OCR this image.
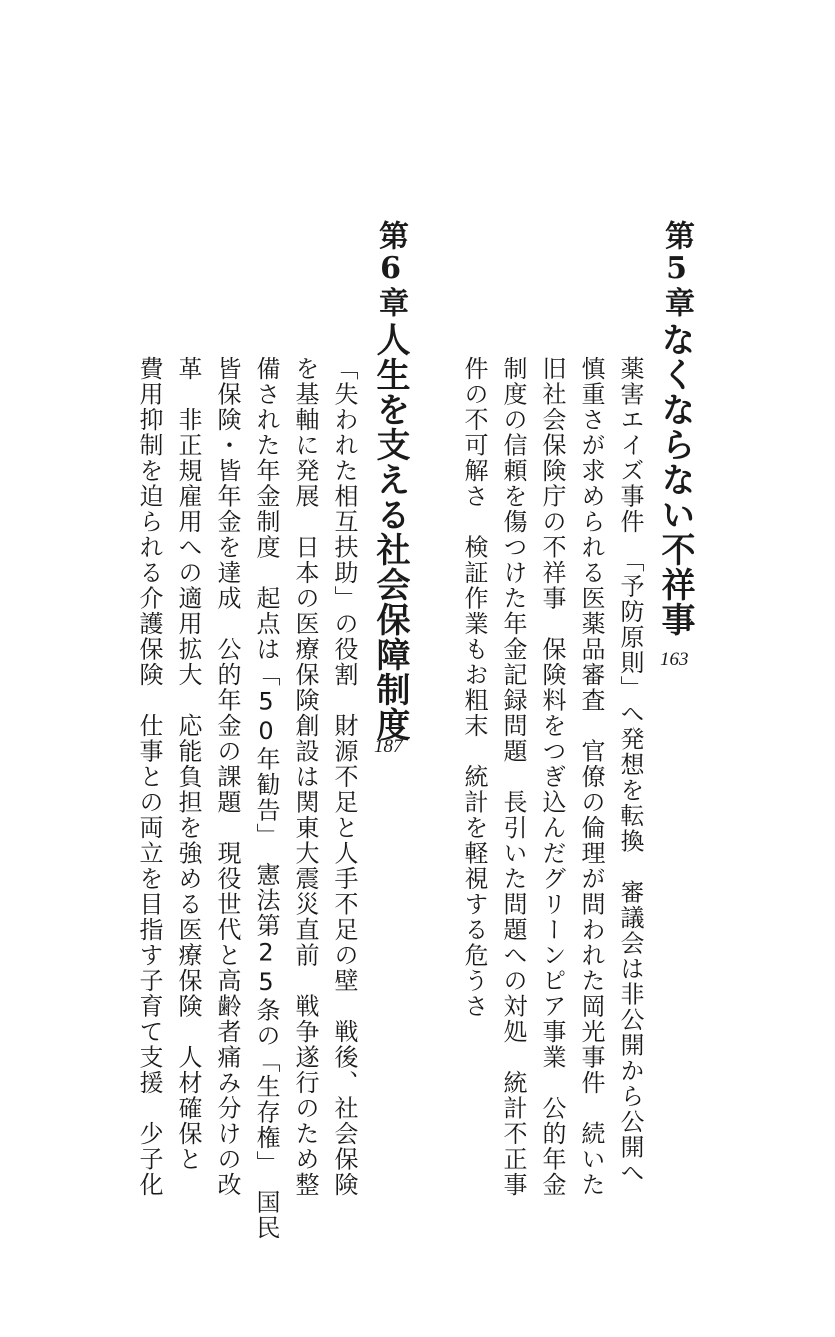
第5章
なくならない不祥事
163
薬害エイズ事件　「予防原則」へ発想を転換　審議会は非公開から公開へ
慎重さが求められる医薬品審査　官僚の倫理が問われた岡光事件　続いた
旧社会保険庁の不祥事　保険料をつぎ込んだグリーンピア事業　公的年金
制度の信頼を傷つけた年金記録問題　長引いた問題への対処　統計不正事
件の不可解さ　検証作業もお粗末　統計を軽視する危うさ
第6章
人生を支える社会保障制度
187
「失われた相互扶助」の役割　財源不足と人手不足の壁　戦後、社会保険
を基軸に発展　日本の医療保険創設は関東大震災直前　戦争遂行のため整
備された年金制度　起点は「50年勧告」　憲法第25条の「生存権」　国民
皆保険・皆年金を達成　公的年金の課題　現役世代と高齢者痛み分けの改
革　非正規雇用への適用拡大　応能負担を強める医療保険　人材確保と
費用抑制を迫られる介護保険　仕事との両立を目指す子育て支援　少子化
